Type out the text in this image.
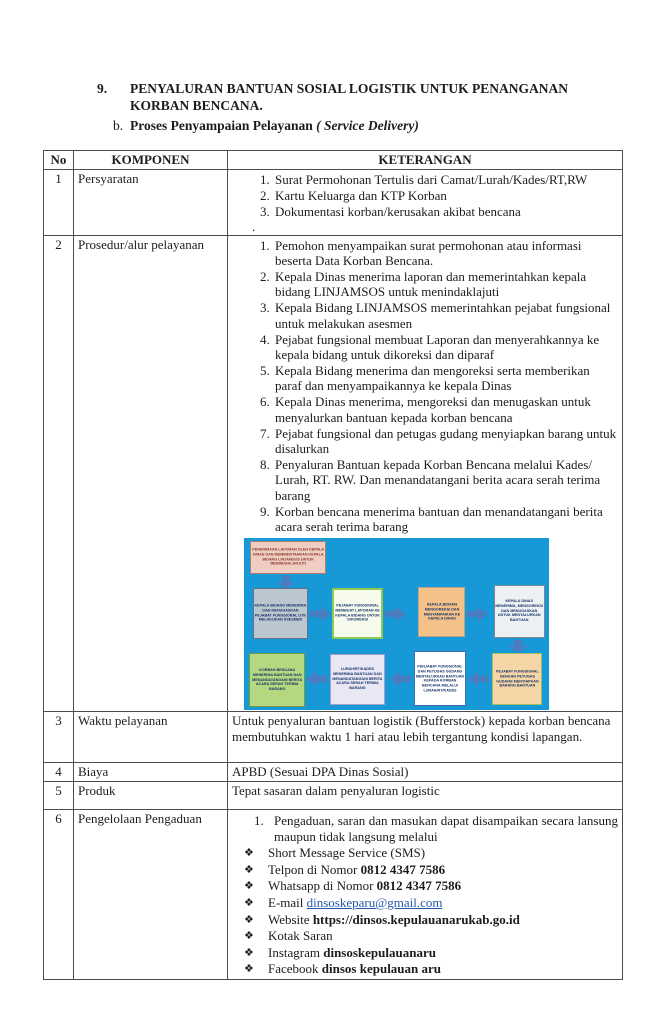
9.	PENYALURAN BANTUAN SOSIAL LOGISTIK UNTUK PENANGANAN
KORBAN BENCANA.
b. Proses Penyampaian Pelayanan ( Service Delivery)
No	KOMPONEN	KETERANGAN
1	Persyaratan	
1.Surat Permohonan Tertulis dari Camat/Lurah/Kades/RT,RW
2. Kartu Keluarga dan KTP Korban
3. Dokumentasi korban/kerusakan akibat bencana
.

2	Prosedur/alur pelayanan	
1.Pemohon menyampaikan surat permohonan atau informasi beserta Data Korban Bencana.
2. Kepala Dinas menerima laporan dan memerintahkan kepala bidang LINJAMSOS untuk menindaklajuti
3. Kepala Bidang LINJAMSOS memerintahkan pejabat fungsional untuk melakukan asesmen
4. Pejabat fungsional membuat Laporan dan menyerahkannya ke kepala bidang untuk dikoreksi dan diparaf
5. Kepala Bidang menerima dan mengoreksi serta memberikan paraf dan menyampaikannya ke kepala Dinas
6. Kepala Dinas menerima, mengoreksi dan menugaskan untuk menyalurkan bantuan kepada korban bencana
7. Pejabat fungsional dan petugas gudang menyiapkan barang untuk disalurkan
8. Penyaluran Bantuan kepada Korban Bencana melalui Kades/ Lurah, RT. RW. Dan menandatangani berita acara serah terima barang
9. Korban bencana menerima bantuan dan menandatangani berita acara serah terima barang
PENERIMAAN LAPORAN OLEH KEPALA DINAS DAN MEMERINTAHKAN KEPALA BIDANG LINJAMSOS UNTUK MENINDAKLANJUTI
KEPALA BIDANG MENERIMA DAN MENUGASKAN PEJABAT FUNGSIONAL UTK MELAKUKAN ASESMEN
PEJABAT FUNGSIONAL MEMBUAT LAPORAN KE KEPALA BIDANG UNTUK DIKOREKSI
KEPALA BIDANG MENGOREKSI DAN MENYAMPAIKAN KE KEPALA DINAS
KEPALA DINAS MENERIMA, MENGOREKSI DAN MENUGASKAN UNTUK MENYALURKAN BANTUAN
PEJABAT FUNGSIONAL DENGAN PETUGAS GUDANG MENYIAPKAN BARANG BANTUAN
PENJABAT FUNGSIONAL DAN PETUGAS GUDANG MENYALURKAN BANTUAN KEPADA KORBAN BENCANA MELALUI LURAH/RT/KADES
LURAH/RT/KADES MENERIMA BANTUAN DAN MENANDATANGANI BERITA ACARA SERAH TERIMA BARANG
KORBAN BENCANA MENERIMA BANTUAN DAN MENANDATANGANI BERITA ACARA SERAH TERIMA BARANG

3	Waktu pelayanan	Untuk penyaluran bantuan logistik (Bufferstock) kepada korban bencana membutuhkan waktu 1 hari atau lebih tergantung kondisi lapangan.

4	Biaya	APBD (Sesuai DPA Dinas Sosial)

5	Produk	Tepat sasaran dalam penyaluran logistic

6	Pengelolaan Pengaduan	1. Pengaduan, saran dan masukan dapat disampaikan secara lansung maupun tidak langsung melalui
❖	Short Message Service (SMS)
❖	Telpon di Nomor 0812 4347 7586
❖	Whatsapp di Nomor 0812 4347 7586
❖	E-mail dinsoskeparu@gmail.com
❖	Website https://dinsos.kepulauanarukab.go.id
❖	Kotak Saran
❖	Instagram dinsoskepulauanaru
❖	Facebook dinsos kepulauan aru
